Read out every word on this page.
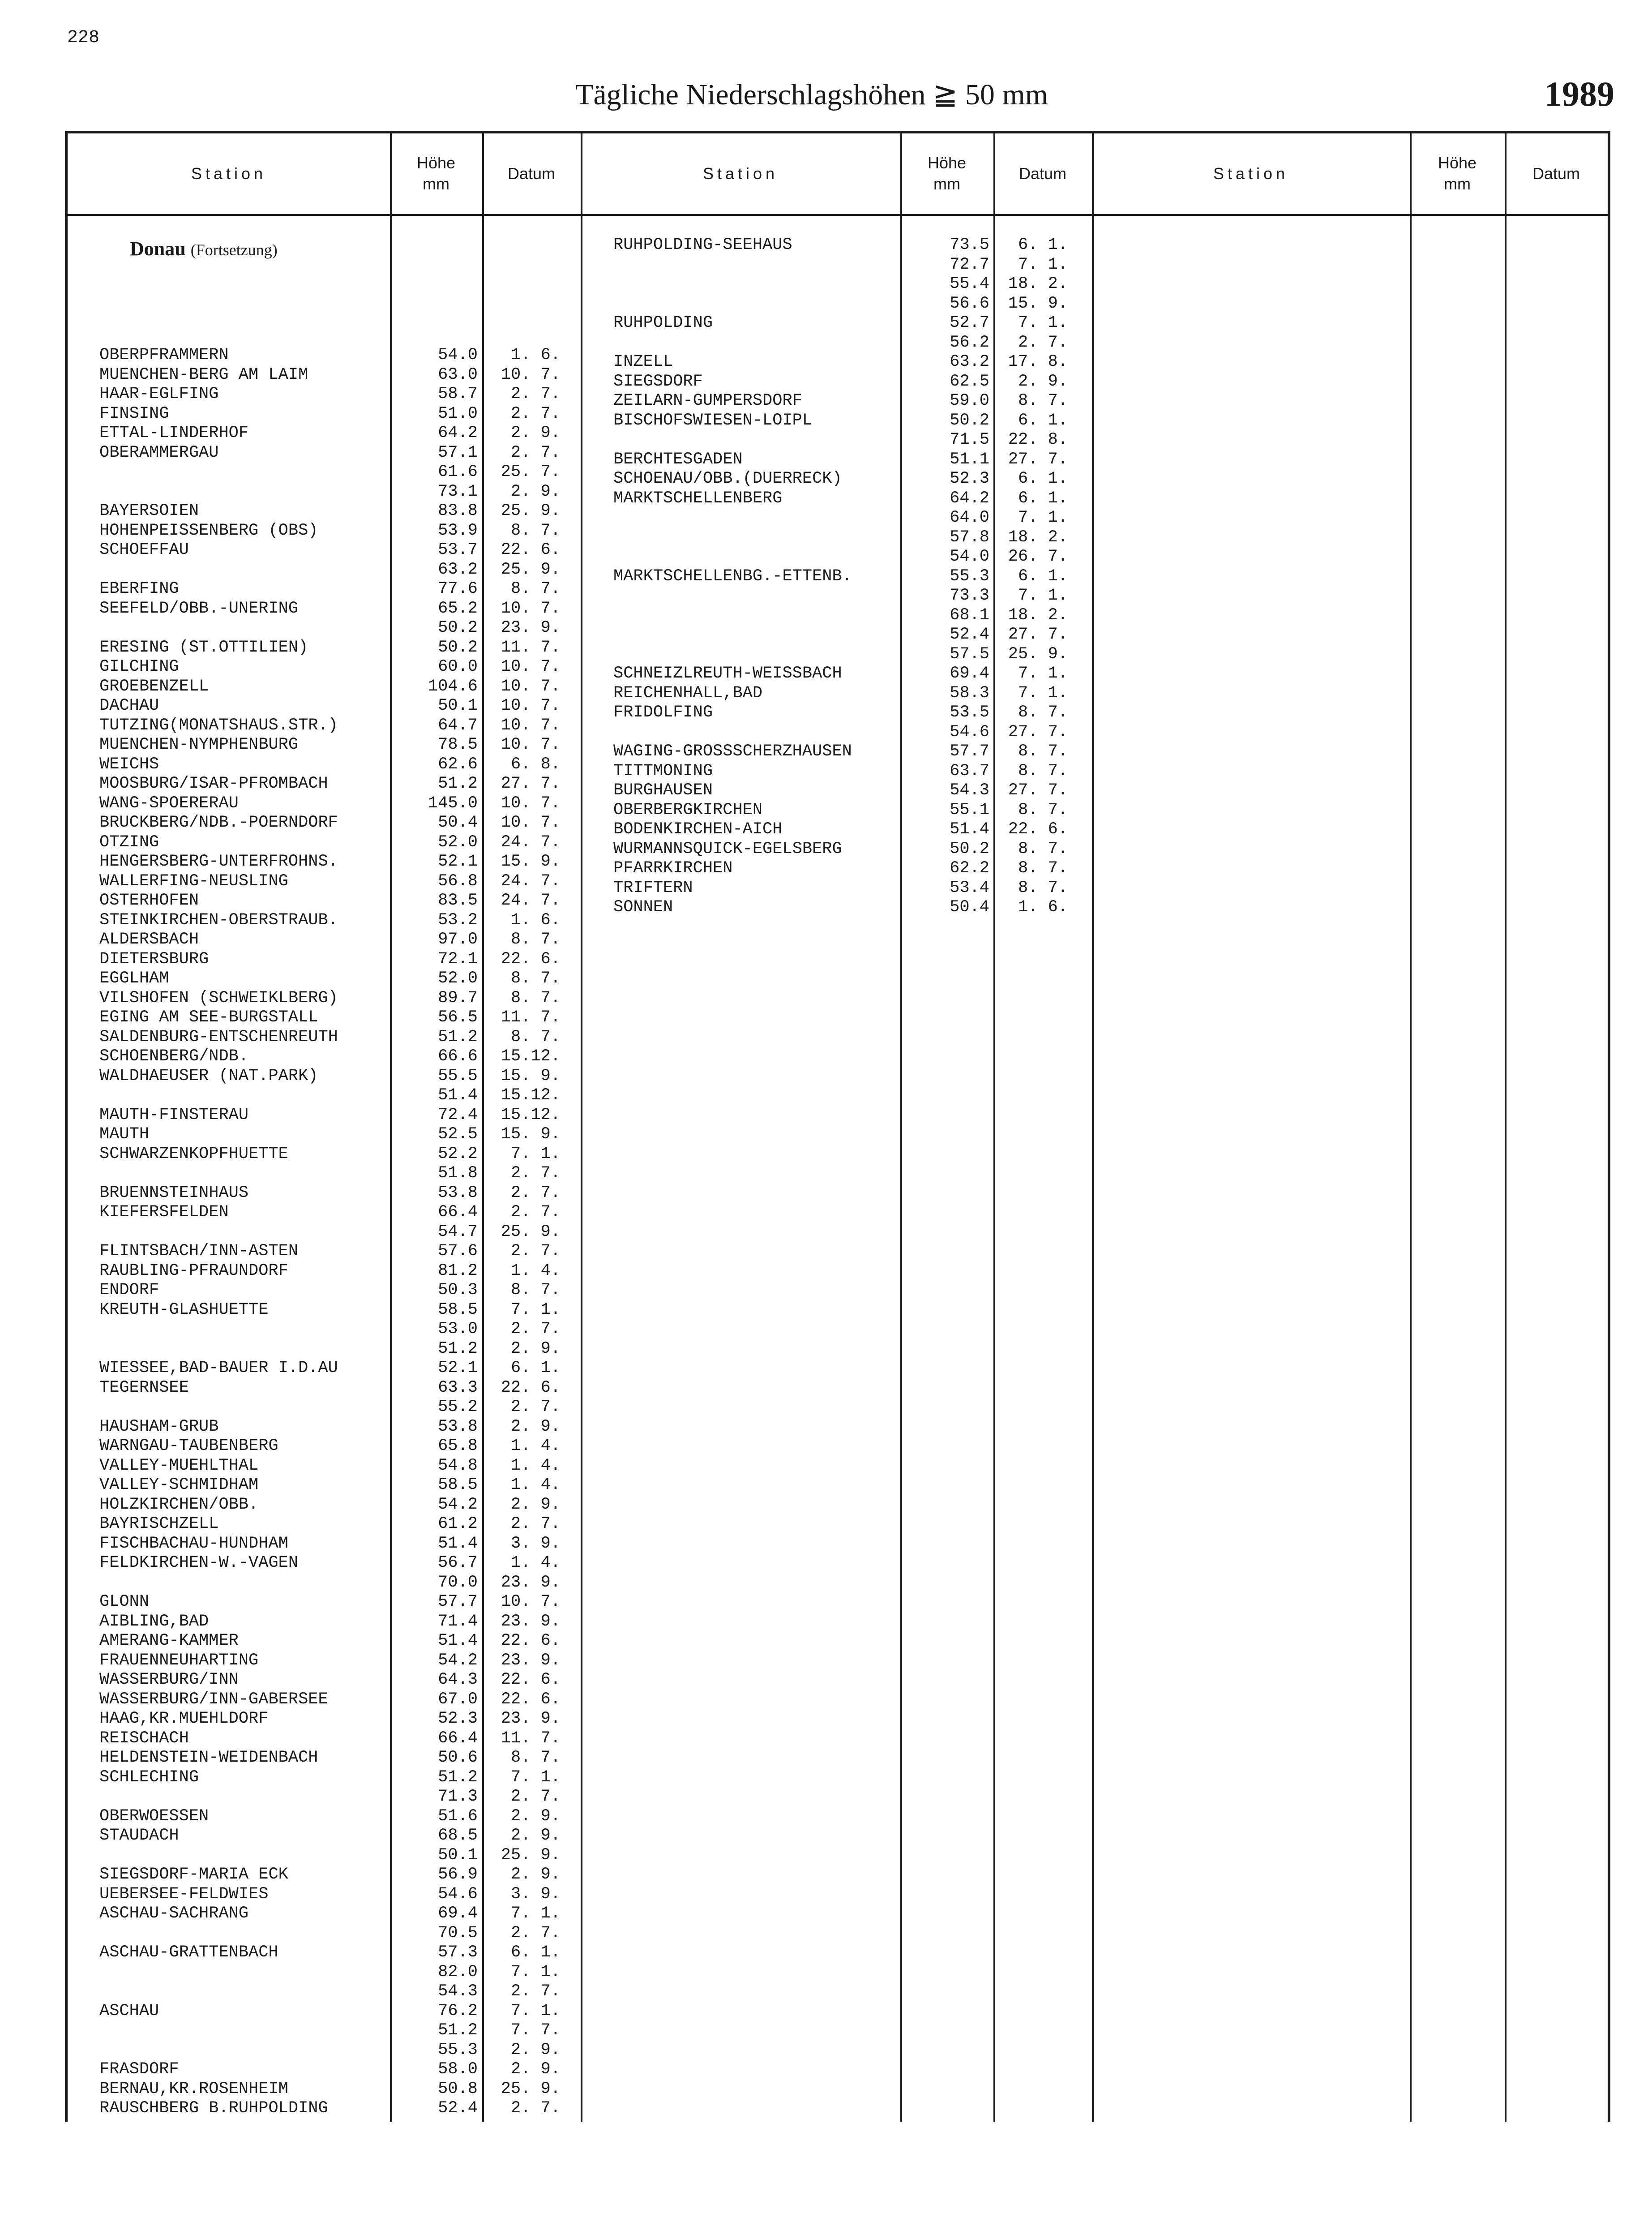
228
Tägliche Niederschlagshöhen ≧ 50 mm	1989
Station
Höhe
mm
Datum	Station
Höhe
mm
Datum	Station
Höhe
mm
Datum
Donau (Fortsetzung)
OBERPFRAMMERN	54.0	1. 6.
MUENCHEN-BERG AM LAIM	63.0	10. 7.
HAAR-EGLFING	58.7	2. 7.
FINSING	51.0	2. 7.
ETTAL-LINDERHOF	64.2	2. 9.
OBERAMMERGAU	57.1	2. 7.
61.6	25. 7.
73.1	2. 9.
BAYERSOIEN	83.8	25. 9.
HOHENPEISSENBERG (OBS)	53.9	8. 7.
SCHOEFFAU	53.7	22. 6.
63.2	25. 9.
EBERFING	77.6	8. 7.
SEEFELD/OBB.-UNERING	65.2	10. 7.
50.2	23. 9.
ERESING (ST.OTTILIEN)	50.2	11. 7.
GILCHING	60.0	10. 7.
GROEBENZELL	104.6	10. 7.
DACHAU	50.1	10. 7.
TUTZING(MONATSHAUS.STR.)	64.7	10. 7.
MUENCHEN-NYMPHENBURG	78.5	10. 7.
WEICHS	62.6	6. 8.
MOOSBURG/ISAR-PFROMBACH	51.2	27. 7.
WANG-SPOERERAU	145.0	10. 7.
BRUCKBERG/NDB.-POERNDORF	50.4	10. 7.
OTZING	52.0	24. 7.
HENGERSBERG-UNTERFROHNS.	52.1	15. 9.
WALLERFING-NEUSLING	56.8	24. 7.
OSTERHOFEN	83.5	24. 7.
STEINKIRCHEN-OBERSTRAUB.	53.2	1. 6.
ALDERSBACH	97.0	8. 7.
DIETERSBURG	72.1	22. 6.
EGGLHAM	52.0	8. 7.
VILSHOFEN (SCHWEIKLBERG)	89.7	8. 7.
EGING AM SEE-BURGSTALL	56.5	11. 7.
SALDENBURG-ENTSCHENREUTH	51.2	8. 7.
SCHOENBERG/NDB.	66.6	15.12.
WALDHAEUSER (NAT.PARK)	55.5	15. 9.
51.4	15.12.
MAUTH-FINSTERAU	72.4	15.12.
MAUTH	52.5	15. 9.
SCHWARZENKOPFHUETTE	52.2	7. 1.
51.8	2. 7.
BRUENNSTEINHAUS	53.8	2. 7.
KIEFERSFELDEN	66.4	2. 7.
54.7	25. 9.
FLINTSBACH/INN-ASTEN	57.6	2. 7.
RAUBLING-PFRAUNDORF	81.2	1. 4.
ENDORF	50.3	8. 7.
KREUTH-GLASHUETTE	58.5	7. 1.
53.0	2. 7.
51.2	2. 9.
WIESSEE,BAD-BAUER I.D.AU	52.1	6. 1.
TEGERNSEE	63.3	22. 6.
55.2	2. 7.
HAUSHAM-GRUB	53.8	2. 9.
WARNGAU-TAUBENBERG	65.8	1. 4.
VALLEY-MUEHLTHAL	54.8	1. 4.
VALLEY-SCHMIDHAM	58.5	1. 4.
HOLZKIRCHEN/OBB.	54.2	2. 9.
BAYRISCHZELL	61.2	2. 7.
FISCHBACHAU-HUNDHAM	51.4	3. 9.
FELDKIRCHEN-W.-VAGEN	56.7	1. 4.
70.0	23. 9.
GLONN	57.7	10. 7.
AIBLING,BAD	71.4	23. 9.
AMERANG-KAMMER	51.4	22. 6.
FRAUENNEUHARTING	54.2	23. 9.
WASSERBURG/INN	64.3	22. 6.
WASSERBURG/INN-GABERSEE	67.0	22. 6.
HAAG,KR.MUEHLDORF	52.3	23. 9.
REISCHACH	66.4	11. 7.
HELDENSTEIN-WEIDENBACH	50.6	8. 7.
SCHLECHING	51.2	7. 1.
71.3	2. 7.
OBERWOESSEN	51.6	2. 9.
STAUDACH	68.5	2. 9.
50.1	25. 9.
SIEGSDORF-MARIA ECK	56.9	2. 9.
UEBERSEE-FELDWIES	54.6	3. 9.
ASCHAU-SACHRANG	69.4	7. 1.
70.5	2. 7.
ASCHAU-GRATTENBACH	57.3	6. 1.
82.0	7. 1.
54.3	2. 7.
ASCHAU	76.2	7. 1.
51.2	7. 7.
55.3	2. 9.
FRASDORF	58.0	2. 9.
BERNAU,KR.ROSENHEIM	50.8	25. 9.
RAUSCHBERG B.RUHPOLDING	52.4	2. 7.
RUHPOLDING-SEEHAUS	73.5	6. 1.
72.7	7. 1.
55.4	18. 2.
56.6	15. 9.
RUHPOLDING	52.7	7. 1.
56.2	2. 7.
INZELL	63.2	17. 8.
SIEGSDORF	62.5	2. 9.
ZEILARN-GUMPERSDORF	59.0	8. 7.
BISCHOFSWIESEN-LOIPL	50.2	6. 1.
71.5	22. 8.
BERCHTESGADEN	51.1	27. 7.
SCHOENAU/OBB.(DUERRECK)	52.3	6. 1.
MARKTSCHELLENBERG	64.2	6. 1.
64.0	7. 1.
57.8	18. 2.
54.0	26. 7.
MARKTSCHELLENBG.-ETTENB.	55.3	6. 1.
73.3	7. 1.
68.1	18. 2.
52.4	27. 7.
57.5	25. 9.
SCHNEIZLREUTH-WEISSBACH	69.4	7. 1.
REICHENHALL,BAD	58.3	7. 1.
FRIDOLFING	53.5	8. 7.
54.6	27. 7.
WAGING-GROSSSCHERZHAUSEN	57.7	8. 7.
TITTMONING	63.7	8. 7.
BURGHAUSEN	54.3	27. 7.
OBERBERGKIRCHEN	55.1	8. 7.
BODENKIRCHEN-AICH	51.4	22. 6.
WURMANNSQUICK-EGELSBERG	50.2	8. 7.
PFARRKIRCHEN	62.2	8. 7.
TRIFTERN	53.4	8. 7.
SONNEN	50.4	1. 6.
